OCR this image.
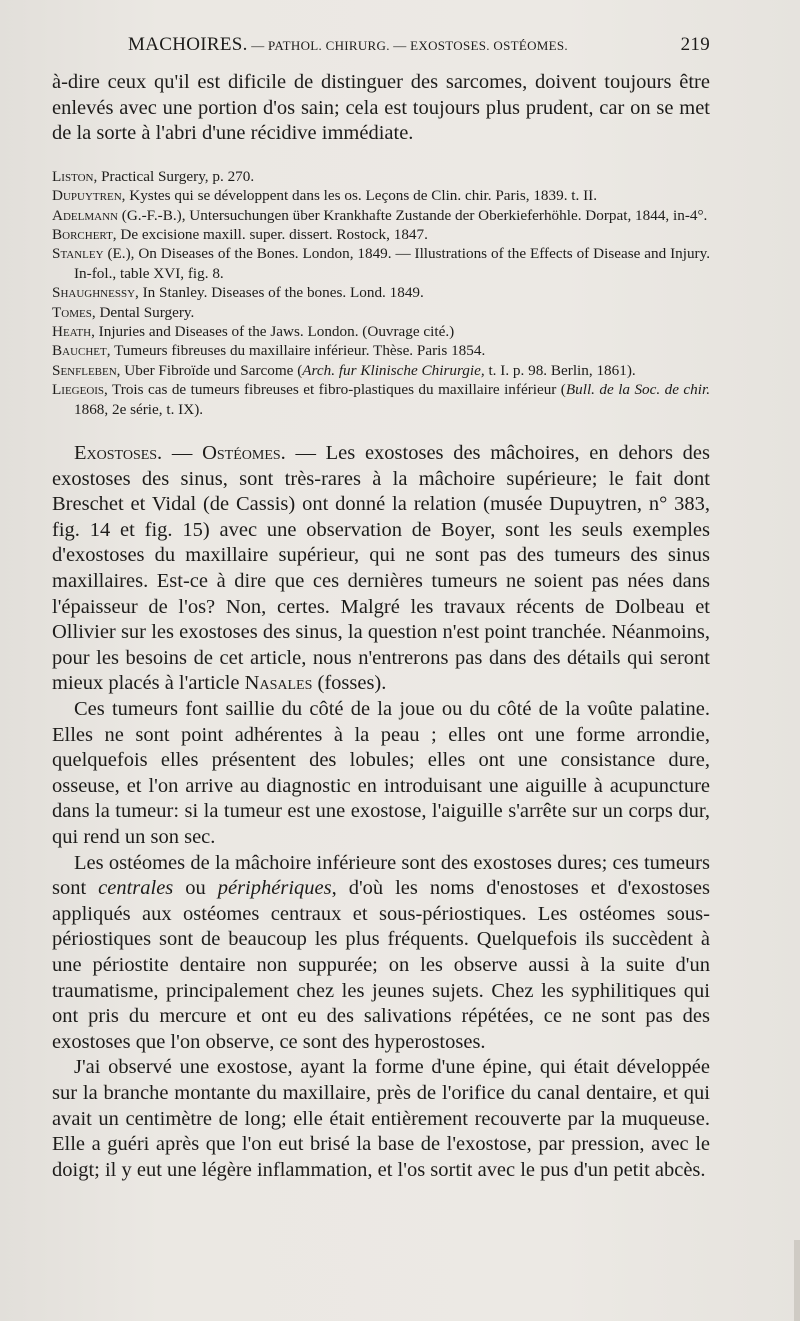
MACHOIRES. — PATHOL. CHIRURG. — EXOSTOSES. OSTÉOMES.	219

à-dire ceux qu'il est dificile de distinguer des sarcomes, doivent toujours être enlevés avec une portion d'os sain; cela est toujours plus prudent, car on se met de la sorte à l'abri d'une récidive immédiate.

Liston, Practical Surgery, p. 270.

Dupuytren, Kystes qui se développent dans les os. Leçons de Clin. chir. Paris, 1839. t. II.

Adelmann (G.-F.-B.), Untersuchungen über Krankhafte Zustande der Oberkieferhöhle. Dorpat, 1844, in-4°.

Borchert, De excisione maxill. super. dissert. Rostock, 1847.

Stanley (E.), On Diseases of the Bones. London, 1849. — Illustrations of the Effects of Disease and Injury. In-fol., table XVI, fig. 8.

Shaughnessy, In Stanley. Diseases of the bones. Lond. 1849.

Tomes, Dental Surgery.

Heath, Injuries and Diseases of the Jaws. London. (Ouvrage cité.)

Bauchet, Tumeurs fibreuses du maxillaire inférieur. Thèse. Paris 1854.

Senfleben, Uber Fibroïde und Sarcome (Arch. fur Klinische Chirurgie, t. I. p. 98. Berlin, 1861).

Liegeois, Trois cas de tumeurs fibreuses et fibro-plastiques du maxillaire inférieur (Bull. de la Soc. de chir. 1868, 2e série, t. IX).

Exostoses. — Ostéomes. — Les exostoses des mâchoires, en dehors des exostoses des sinus, sont très-rares à la mâchoire supérieure; le fait dont Breschet et Vidal (de Cassis) ont donné la relation (musée Dupuytren, n° 383, fig. 14 et fig. 15) avec une observation de Boyer, sont les seuls exemples d'exostoses du maxillaire supérieur, qui ne sont pas des tumeurs des sinus maxillaires. Est-ce à dire que ces dernières tumeurs ne soient pas nées dans l'épaisseur de l'os? Non, certes. Malgré les travaux récents de Dolbeau et Ollivier sur les exostoses des sinus, la question n'est point tranchée. Néanmoins, pour les besoins de cet article, nous n'entrerons pas dans des détails qui seront mieux placés à l'article Nasales (fosses).

Ces tumeurs font saillie du côté de la joue ou du côté de la voûte palatine. Elles ne sont point adhérentes à la peau ; elles ont une forme arrondie, quelquefois elles présentent des lobules; elles ont une consistance dure, osseuse, et l'on arrive au diagnostic en introduisant une aiguille à acupuncture dans la tumeur: si la tumeur est une exostose, l'aiguille s'arrête sur un corps dur, qui rend un son sec.

Les ostéomes de la mâchoire inférieure sont des exostoses dures; ces tumeurs sont centrales ou périphériques, d'où les noms d'enostoses et d'exostoses appliqués aux ostéomes centraux et sous-périostiques. Les ostéomes sous-périostiques sont de beaucoup les plus fréquents. Quelquefois ils succèdent à une périostite dentaire non suppurée; on les observe aussi à la suite d'un traumatisme, principalement chez les jeunes sujets. Chez les syphilitiques qui ont pris du mercure et ont eu des salivations répétées, ce ne sont pas des exostoses que l'on observe, ce sont des hyperostoses.

J'ai observé une exostose, ayant la forme d'une épine, qui était développée sur la branche montante du maxillaire, près de l'orifice du canal dentaire, et qui avait un centimètre de long; elle était entièrement recouverte par la muqueuse. Elle a guéri après que l'on eut brisé la base de l'exostose, par pression, avec le doigt; il y eut une légère inflammation, et l'os sortit avec le pus d'un petit abcès.
